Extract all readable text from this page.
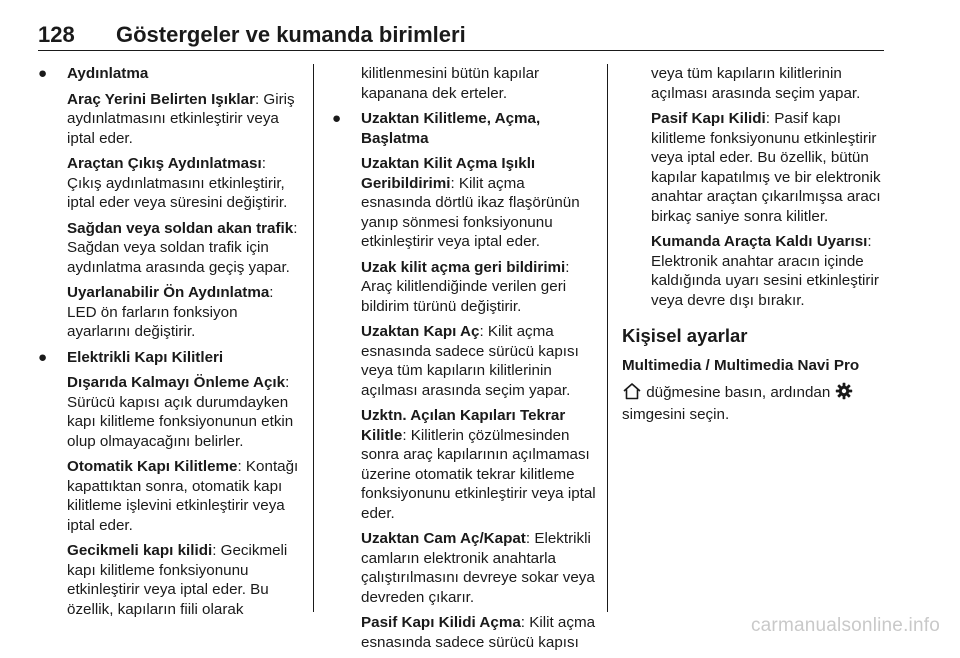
128 Göstergeler ve kumanda birimleri
● Aydınlatma
Araç Yerini Belirten Işıklar: Giriş aydınlatmasını etkinleştirir veya iptal eder.
Araçtan Çıkış Aydınlatması: Çıkış aydınlatmasını etkinleştirir, iptal eder veya süresini değiştirir.
Sağdan veya soldan akan trafik: Sağdan veya soldan trafik için aydınlatma arasında geçiş yapar.
Uyarlanabilir Ön Aydınlatma: LED ön farların fonksiyon ayarlarını değiştirir.
● Elektrikli Kapı Kilitleri
Dışarıda Kalmayı Önleme Açık: Sürücü kapısı açık durumdayken kapı kilitleme fonksiyonunun etkin olup olmayacağını belirler.
Otomatik Kapı Kilitleme: Kontağı kapattıktan sonra, otomatik kapı kilitleme işlevini etkinleştirir veya iptal eder.
Gecikmeli kapı kilidi: Gecikmeli kapı kilitleme fonksiyonunu etkinleştirir veya iptal eder. Bu özellik, kapıların fiili olarak
kilitlenmesini bütün kapılar kapanana dek erteler.
● Uzaktan Kilitleme, Açma, Başlatma
Uzaktan Kilit Açma Işıklı Geribildirimi: Kilit açma esnasında dörtlü ikaz flaşörünün yanıp sönmesi fonksiyonunu etkinleştirir veya iptal eder.
Uzak kilit açma geri bildirimi: Araç kilitlendiğinde verilen geri bildirim türünü değiştirir.
Uzaktan Kapı Aç: Kilit açma esnasında sadece sürücü kapısı veya tüm kapıların kilitlerinin açılması arasında seçim yapar.
Uzktn. Açılan Kapıları Tekrar Kilitle: Kilitlerin çözülmesinden sonra araç kapılarının açılmaması üzerine otomatik tekrar kilitleme fonksiyonunu etkinleştirir veya iptal eder.
Uzaktan Cam Aç/Kapat: Elektrikli camların elektronik anahtarla çalıştırılmasını devreye sokar veya devreden çıkarır.
Pasif Kapı Kilidi Açma: Kilit açma esnasında sadece sürücü kapısı
veya tüm kapıların kilitlerinin açılması arasında seçim yapar.
Pasif Kapı Kilidi: Pasif kapı kilitleme fonksiyonunu etkinleştirir veya iptal eder. Bu özellik, bütün kapılar kapatılmış ve bir elektronik anahtar araçtan çıkarılmışsa aracı birkaç saniye sonra kilitler.
Kumanda Araçta Kaldı Uyarısı: Elektronik anahtar aracın içinde kaldığında uyarı sesini etkinleştirir veya devre dışı bırakır.
Kişisel ayarlar
Multimedia / Multimedia Navi Pro
düğmesine basın, ardından
simgesini seçin.
carmanualsonline.info
